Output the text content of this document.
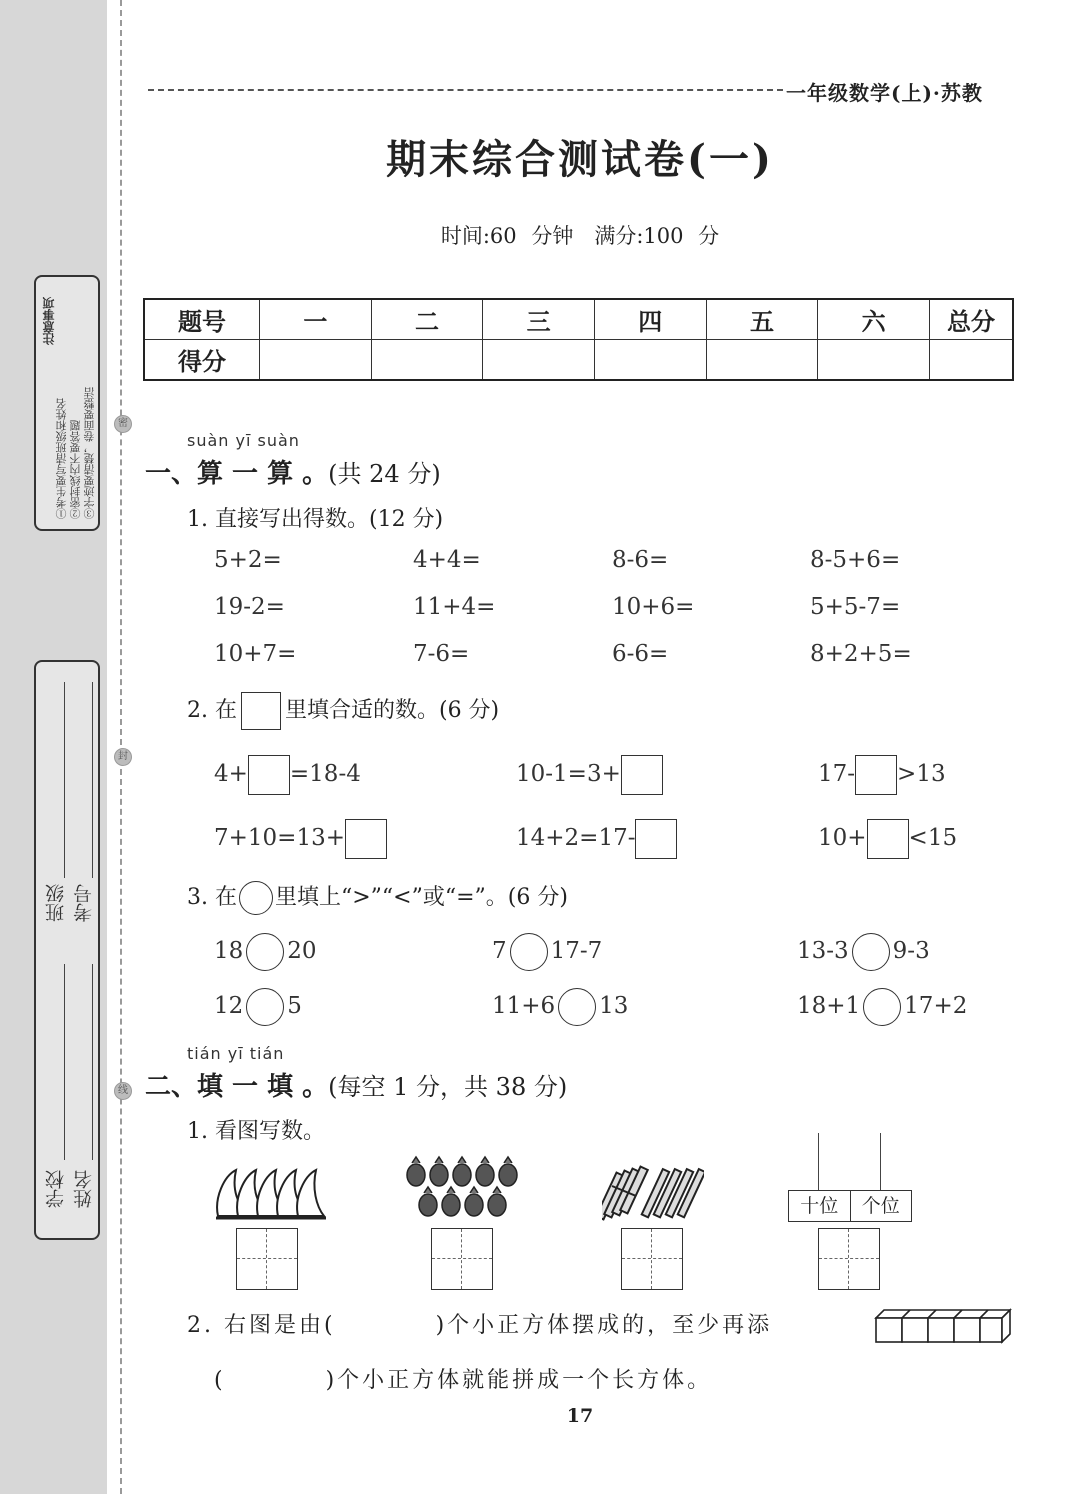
密
封
线
注意事项
①考生要写清班级和姓名 ②密封线内不要答题 ③字迹要清楚，卷面要整洁
学校 姓名
班级 考号
一年级数学(上)·苏教
期末综合测试卷(一)
时间:60 分钟　满分:100 分
题号	一	二	三	四	五	六	总分
得分							
suàn yī suàn
一、算 一 算 。(共 24 分)
1. 直接写出得数。(12 分)
5+2=	4+4=	8-6=	8-5+6=
19-2=	11+4=	10+6=	5+5-7=
10+7=	7-6=	6-6=	8+2+5=
2. 在 里填合适的数。(6 分)
4+ =18-4	10-1=3+	17- >13
7+10=13+	14+2=17-	10+ <15
3. 在 里填上“>”“<”或“=”。(6 分)
18 20	7 17-7	13-3 9-3
12 5	11+6 13	18+1 17+2
tián yī tián
二、填 一 填 。(每空 1 分，共 38 分)
1. 看图写数。
十位	个位
2. 右图是由(　　　　)个小正方体摆成的，至少再添
(　　　　)个小正方体就能拼成一个长方体。
17
